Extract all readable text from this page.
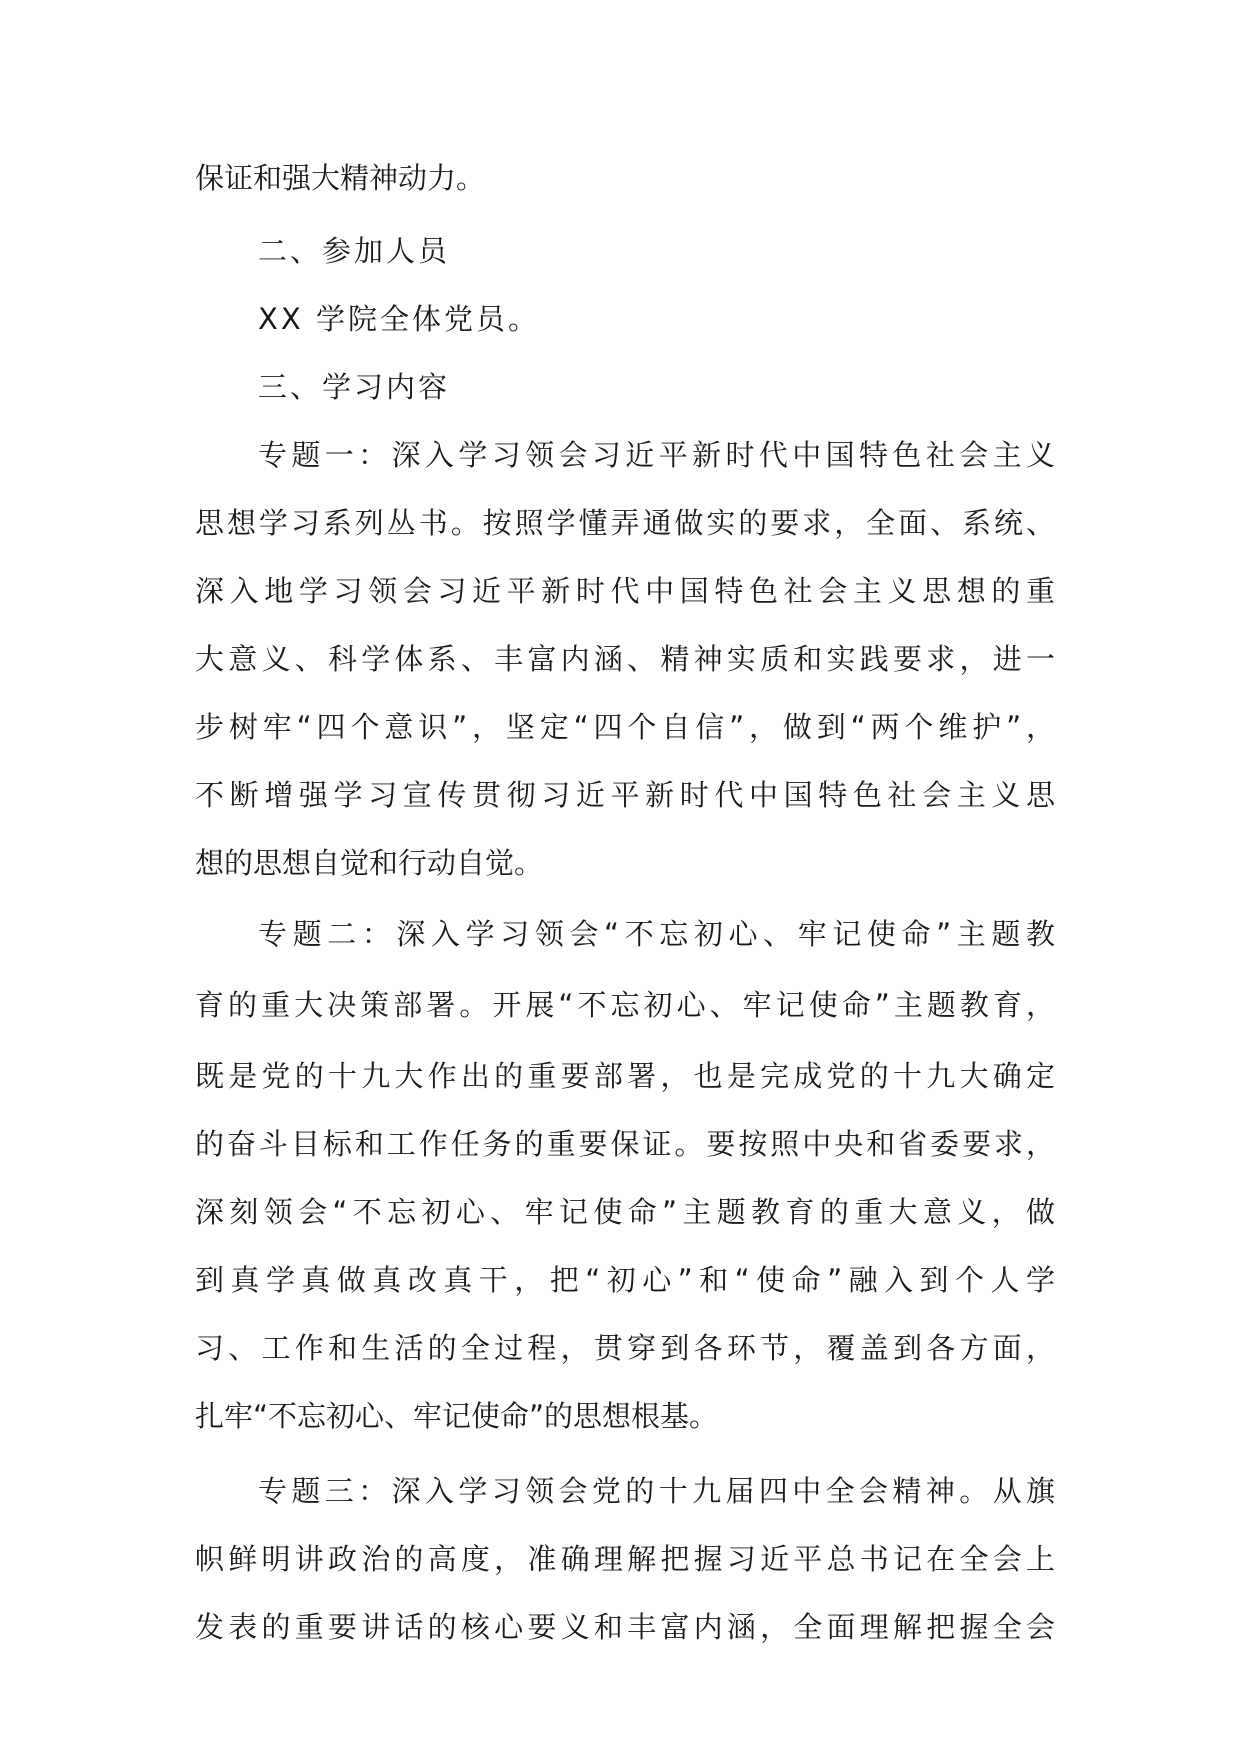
保证和强大精神动力。
二、参加人员
XX 学院全体党员。
三、学习内容
专题一：深入学习领会习近平新时代中国特色社会主义
思想学习系列丛书。按照学懂弄通做实的要求，全面、系统、
深入地学习领会习近平新时代中国特色社会主义思想的重
大意义、科学体系、丰富内涵、精神实质和实践要求，进一
步树牢“四个意识”，坚定“四个自信”，做到“两个维护”，
不断增强学习宣传贯彻习近平新时代中国特色社会主义思
想的思想自觉和行动自觉。
专题二：深入学习领会“不忘初心、牢记使命”主题教
育的重大决策部署。开展“不忘初心、牢记使命”主题教育，
既是党的十九大作出的重要部署，也是完成党的十九大确定
的奋斗目标和工作任务的重要保证。要按照中央和省委要求，
深刻领会“不忘初心、牢记使命”主题教育的重大意义，做
到真学真做真改真干，把“初心”和“使命”融入到个人学
习、工作和生活的全过程，贯穿到各环节，覆盖到各方面，
扎牢“不忘初心、牢记使命”的思想根基。
专题三：深入学习领会党的十九届四中全会精神。从旗
帜鲜明讲政治的高度，准确理解把握习近平总书记在全会上
发表的重要讲话的核心要义和丰富内涵，全面理解把握全会
